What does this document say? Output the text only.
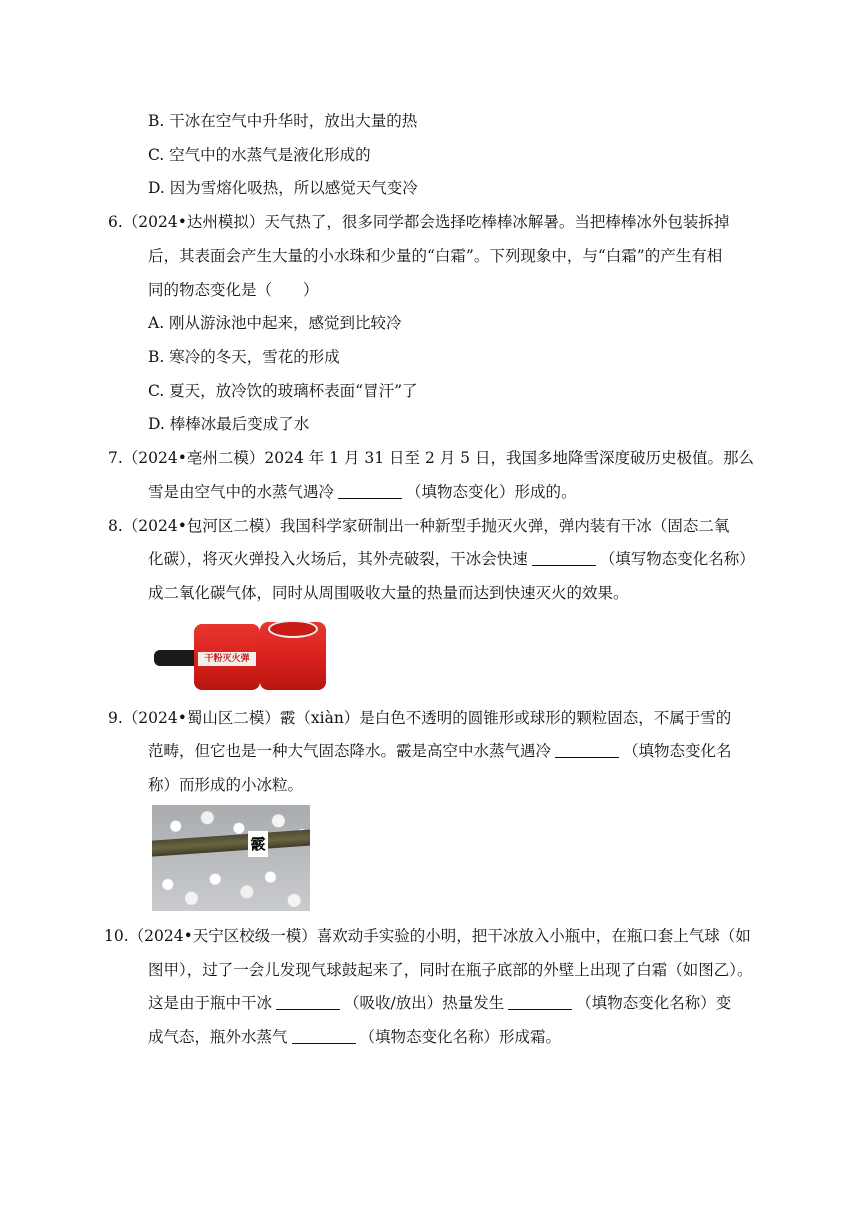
B. 干冰在空气中升华时，放出大量的热
C. 空气中的水蒸气是液化形成的
D. 因为雪熔化吸热，所以感觉天气变冷
6.（2024•达州模拟）天气热了，很多同学都会选择吃棒棒冰解暑。当把棒棒冰外包装拆掉
后，其表面会产生大量的小水珠和少量的“白霜”。下列现象中，与“白霜”的产生有相
同的物态变化是（　　）
A. 刚从游泳池中起来，感觉到比较冷
B. 寒冷的冬天，雪花的形成
C. 夏天，放冷饮的玻璃杯表面“冒汗”了
D. 棒棒冰最后变成了水
7.（2024•亳州二模）2024 年 1 月 31 日至 2 月 5 日，我国多地降雪深度破历史极值。那么
雪是由空气中的水蒸气遇冷	（填物态变化）形成的。
8.（2024•包河区二模）我国科学家研制出一种新型手抛灭火弹，弹内装有干冰（固态二氧
化碳），将灭火弹投入火场后，其外壳破裂，干冰会快速	（填写物态变化名称）
成二氧化碳气体，同时从周围吸收大量的热量而达到快速灭火的效果。
干粉灭火弹
9.（2024•蜀山区二模）霰（xiàn）是白色不透明的圆锥形或球形的颗粒固态，不属于雪的
范畴，但它也是一种大气固态降水。霰是高空中水蒸气遇冷	（填物态变化名
称）而形成的小冰粒。
霰
10.（2024•天宁区校级一模）喜欢动手实验的小明，把干冰放入小瓶中，在瓶口套上气球（如
图甲），过了一会儿发现气球鼓起来了，同时在瓶子底部的外壁上出现了白霜（如图乙）。
这是由于瓶中干冰	（吸收/放出）热量发生	（填物态变化名称）变
成气态，瓶外水蒸气	（填物态变化名称）形成霜。
